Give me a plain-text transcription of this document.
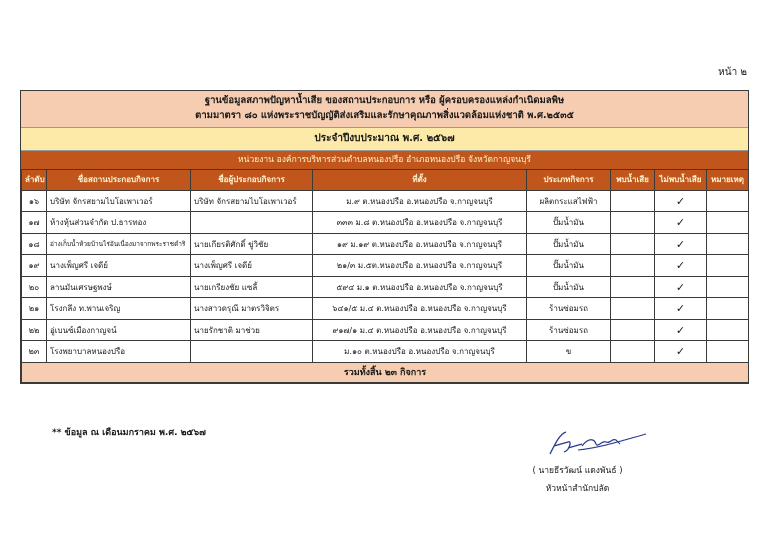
หน้า ๒
ฐานข้อมูลสภาพปัญหาน้ำเสีย ของสถานประกอบการ หรือ ผู้ครอบครองแหล่งกำเนิดมลพิษ
ตามมาตรา ๘๐ แห่งพระราชบัญญัติส่งเสริมและรักษาคุณภาพสิ่งแวดล้อมแห่งชาติ พ.ศ.๒๕๓๕
ประจำปีงบประมาณ พ.ศ. ๒๕๖๗
หน่วยงาน องค์การบริหารส่วนตำบลหนองปรือ อำเภอหนองปรือ จังหวัดกาญจนบุรี
ลำดับ	ชื่อสถานประกอบกิจการ	ชื่อผู้ประกอบกิจการ	ที่ตั้ง	ประเภทกิจการ	พบน้ำเสีย	ไม่พบน้ำเสีย	หมายเหตุ
๑๖	บริษัท จักรสยามไบโอเพาเวอร์	บริษัท จักรสยามไบโอเพาเวอร์	ม.๙ ต.หนองปรือ อ.หนองปรือ จ.กาญจนบุรี	ผลิตกระแสไฟฟ้า		✓	
๑๗	ห้างหุ้นส่วนจำกัด ป.ธารทอง		๓๓๓ ม.๘ ต.หนองปรือ อ.หนองปรือ จ.กาญจนบุรี	ปั๊มน้ำมัน		✓	
๑๘	อ่างเก็บน้ำห้วยบ้านไร่อันเนื่องมาจากพระราชดำริ	นายเกียรติศักดิ์ ขู่วิชัย	๑๙ ม.๑๙ ต.หนองปรือ อ.หนองปรือ จ.กาญจนบุรี	ปั๊มน้ำมัน		✓	
๑๙	นางเพ็ญศรี เจดีย์	นางเพ็ญศรี เจดีย์	๒๑/๓ ม.๕ต.หนองปรือ อ.หนองปรือ จ.กาญจนบุรี	ปั๊มน้ำมัน		✓	
๒๐	ลานมันเศรษฐพงษ์	นายเกรียงชัย แซลี้	๕๙๔ ม.๑ ต.หนองปรือ อ.หนองปรือ จ.กาญจนบุรี	ปั๊มน้ำมัน		✓	
๒๑	โรงกลึง ท.พานเจริญ	นางสาวดรุณี มาตรวิจิตร	๖๔๑/๕ ม.๔ ต.หนองปรือ อ.หนองปรือ จ.กาญจนบุรี	ร้านซ่อมรถ		✓	
๒๒	อู่เบนซ์เมืองกาญจน์	นายรักชาติ มาช่วย	๙๑๗/๑ ม.๔ ต.หนองปรือ อ.หนองปรือ จ.กาญจนบุรี	ร้านซ่อมรถ		✓	
๒๓	โรงพยาบาลหนองปรือ		ม.๑๐ ต.หนองปรือ อ.หนองปรือ จ.กาญจนบุรี	ข		✓	
รวมทั้งสิ้น ๒๓ กิจการ							
** ข้อมูล ณ เดือนมกราคม พ.ศ. ๒๕๖๗
( นายธีรวัฒน์ แดงพันธ์ )
หัวหน้าสำนักปลัด
